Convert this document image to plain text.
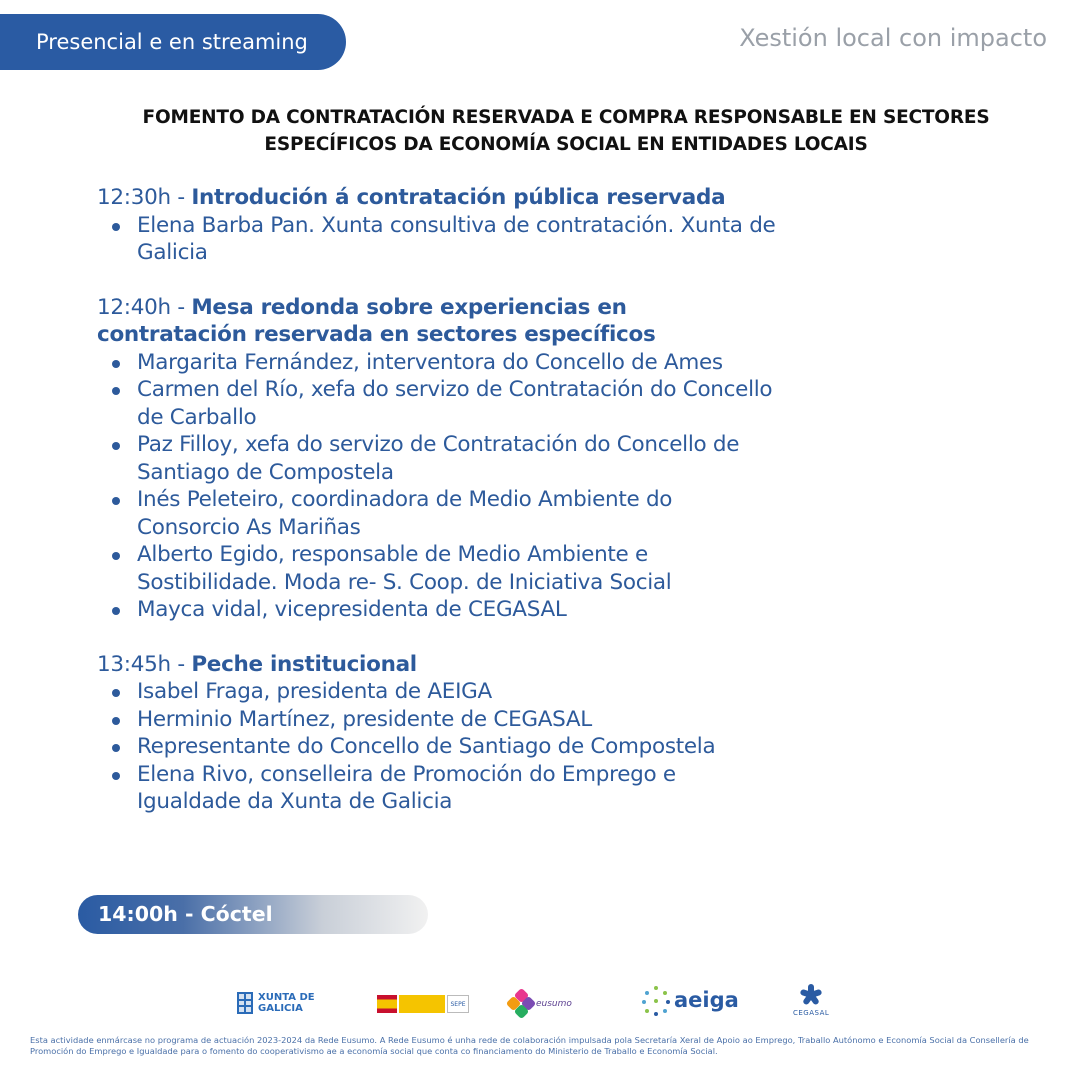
Presencial e en streaming	Xestión local con impacto
FOMENTO DA CONTRATACIÓN RESERVADA E COMPRA RESPONSABLE EN SECTORES
ESPECÍFICOS DA ECONOMÍA SOCIAL EN ENTIDADES LOCAIS
12:30h - Introdución á contratación pública reservada
Elena Barba Pan. Xunta consultiva de contratación. Xunta de Galicia
12:40h - Mesa redonda sobre experiencias en contratación reservada en sectores específicos
Margarita Fernández, interventora do Concello de Ames
Carmen del Río, xefa do servizo de Contratación do Concello de Carballo
Paz Filloy, xefa do servizo de Contratación do Concello de Santiago de Compostela
Inés Peleteiro, coordinadora de Medio Ambiente do Consorcio As Mariñas
Alberto Egido, responsable de Medio Ambiente e Sostibilidade. Moda re- S. Coop. de Iniciativa Social
Mayca vidal, vicepresidenta de CEGASAL
13:45h - Peche institucional
Isabel Fraga, presidenta de AEIGA
Herminio Martínez, presidente de CEGASAL
Representante do Concello de Santiago de Compostela
Elena Rivo, conselleira de Promoción do Emprego e Igualdade da Xunta de Galicia
14:00h - Cóctel
XUNTA DE GALICIA	SEPE	eusumo	aeiga
CEGASAL
Esta actividade enmárcase no programa de actuación 2023-2024 da Rede Eusumo. A Rede Eusumo é unha rede de colaboración impulsada pola Secretaría Xeral de Apoio ao Emprego, Traballo Autónomo e Economía Social da Consellería de Promoción do Emprego e Igualdade para o fomento do cooperativismo ae a economía social que conta co financiamento do Ministerio de Traballo e Economía Social.
